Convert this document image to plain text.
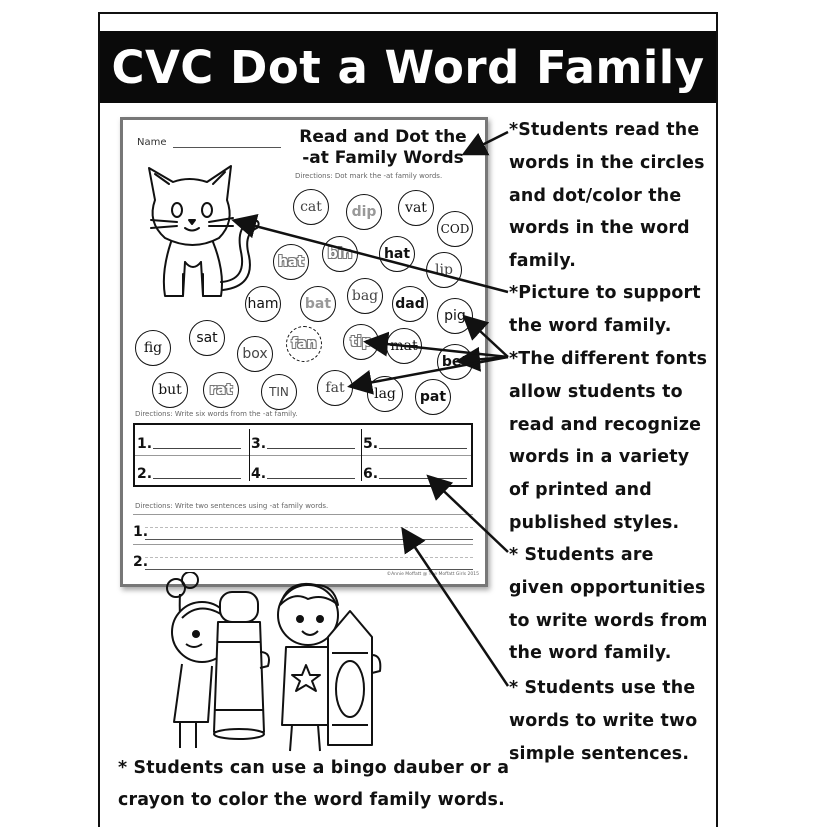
CVC Dot a Word Family
Name	Read and Dot the
-at Family Words
Directions: Dot mark the -at family words.
cat	dip	vat
COD
hat	bin	hat
lip
ham	bat	bag	dad
pig
fig
sat
box
fan	tip	mat
bet
but	rat	TIN	fat	lag	pat
Directions: Write six words from the -at family.
1.	3.	5.
2.	4.	6.
Directions: Write two sentences using -at family words.
1.
2.
©Annie Moffatt @ The Moffatt Girls 2015
*Students read the words in the circles and dot/color the words in the word family.
*Picture to support the word family.
*The different fonts allow students to read and recognize words in a variety of printed and published styles.
* Students are given opportunities to write words from the word family.
* Students use the words to write two simple sentences.
* Students can use a bingo dauber or a crayon to color the word family words.
